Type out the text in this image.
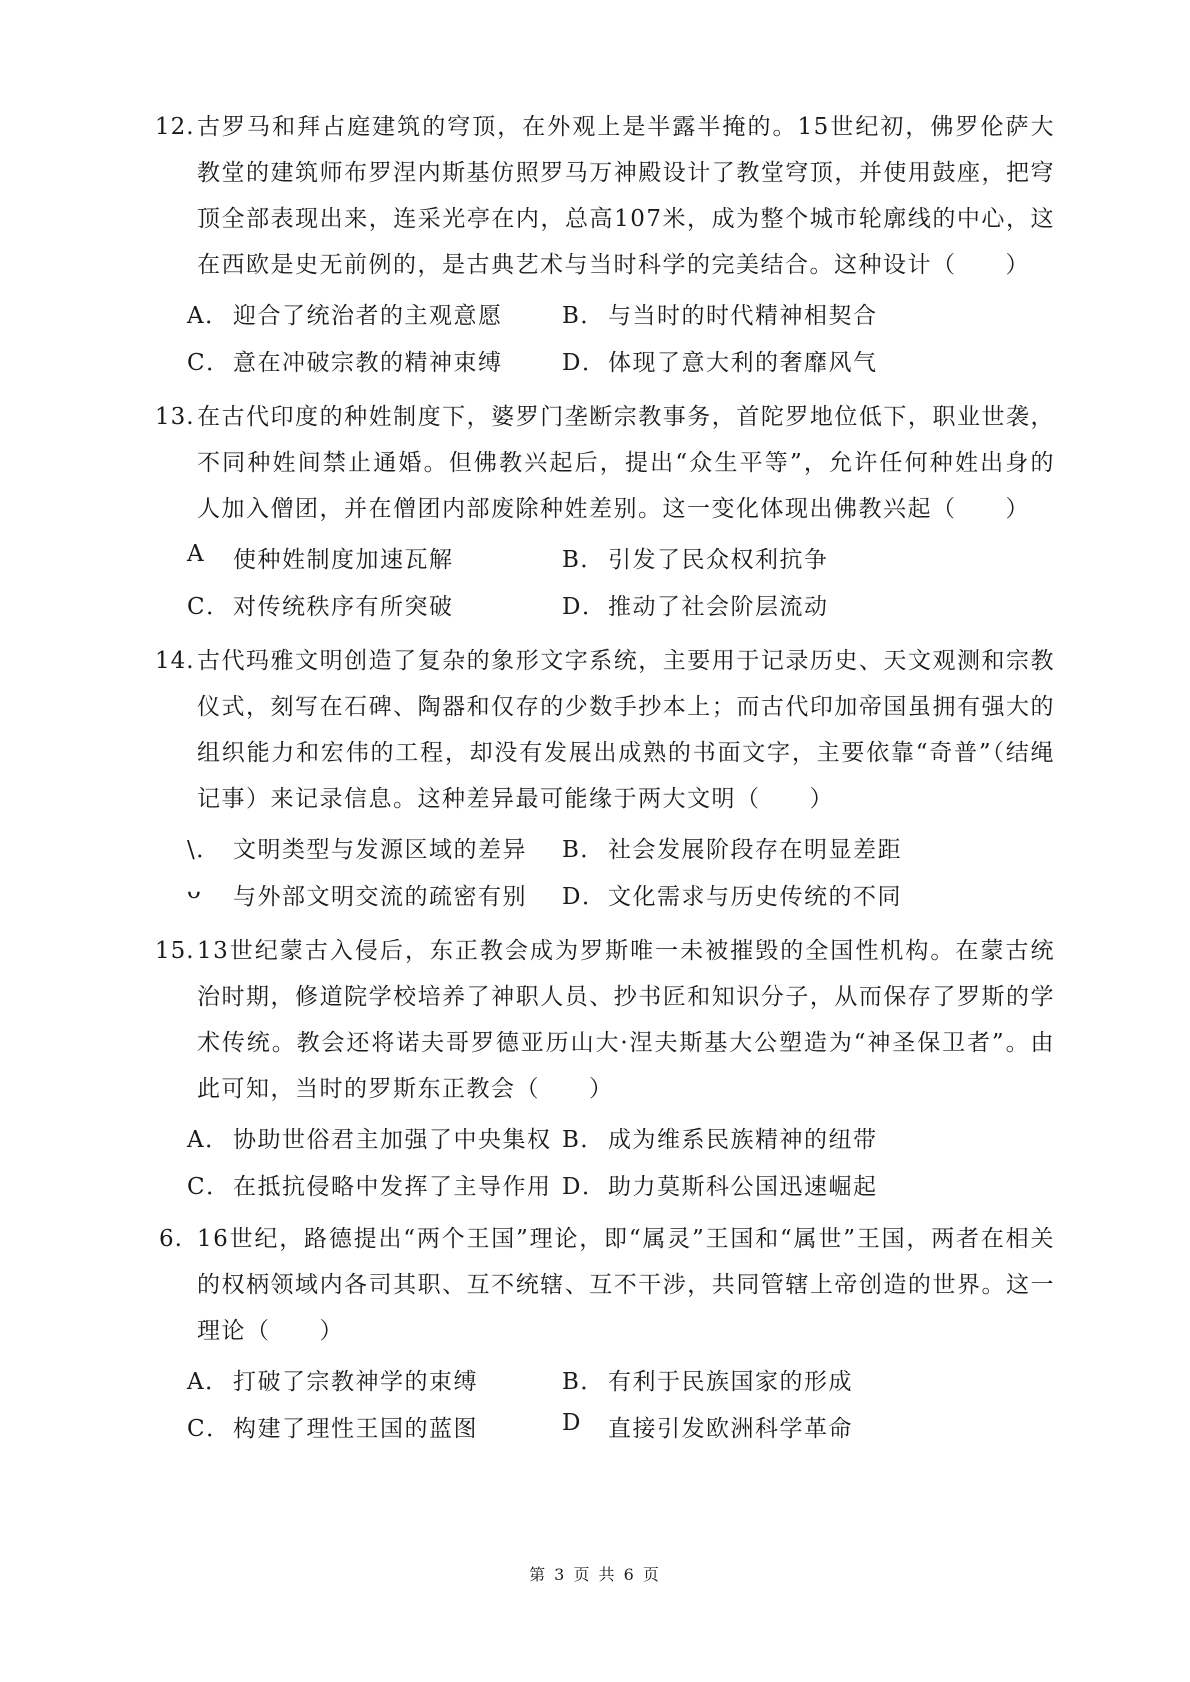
12. 古罗马和拜占庭建筑的穹顶，在外观上是半露半掩的。15世纪初，佛罗伦萨大教堂的建筑师布罗涅内斯基仿照罗马万神殿设计了教堂穹顶，并使用鼓座，把穹顶全部表现出来，连采光亭在内，总高107米，成为整个城市轮廓线的中心，这在西欧是史无前例的，是古典艺术与当时科学的完美结合。这种设计（　　）
A． 迎合了统治者的主观意愿	B． 与当时的时代精神相契合
C． 意在冲破宗教的精神束缚	D． 体现了意大利的奢靡风气
13. 在古代印度的种姓制度下，婆罗门垄断宗教事务，首陀罗地位低下，职业世袭，不同种姓间禁止通婚。但佛教兴起后，提出“众生平等”，允许任何种姓出身的人加入僧团，并在僧团内部废除种姓差别。这一变化体现出佛教兴起（　　）
A	使种姓制度加速瓦解	B． 引发了民众权利抗争
C． 对传统秩序有所突破	D． 推动了社会阶层流动
14. 古代玛雅文明创造了复杂的象形文字系统，主要用于记录历史、天文观测和宗教仪式，刻写在石碑、陶器和仅存的少数手抄本上；而古代印加帝国虽拥有强大的组织能力和宏伟的工程，却没有发展出成熟的书面文字，主要依靠“奇普”（结绳记事）来记录信息。这种差异最可能缘于两大文明（　　）
\． 文明类型与发源区域的差异 B． 社会发展阶段存在明显差距
ᴗ	与外部文明交流的疏密有别 D． 文化需求与历史传统的不同
15. 13世纪蒙古入侵后，东正教会成为罗斯唯一未被摧毁的全国性机构。在蒙古统治时期，修道院学校培养了神职人员、抄书匠和知识分子，从而保存了罗斯的学术传统。教会还将诺夫哥罗德亚历山大·涅夫斯基大公塑造为“神圣保卫者”。由此可知，当时的罗斯东正教会（　　）
A． 协助世俗君主加强了中央集权 B． 成为维系民族精神的纽带
C． 在抵抗侵略中发挥了主导作用 D． 助力莫斯科公国迅速崛起
6. 16世纪，路德提出“两个王国”理论，即“属灵”王国和“属世”王国，两者在相关的权柄领域内各司其职、互不统辖、互不干涉，共同管辖上帝创造的世界。这一理论（　　）
A． 打破了宗教神学的束缚	B． 有利于民族国家的形成
C． 构建了理性王国的蓝图	D	直接引发欧洲科学革命
第 3 页 共 6 页
